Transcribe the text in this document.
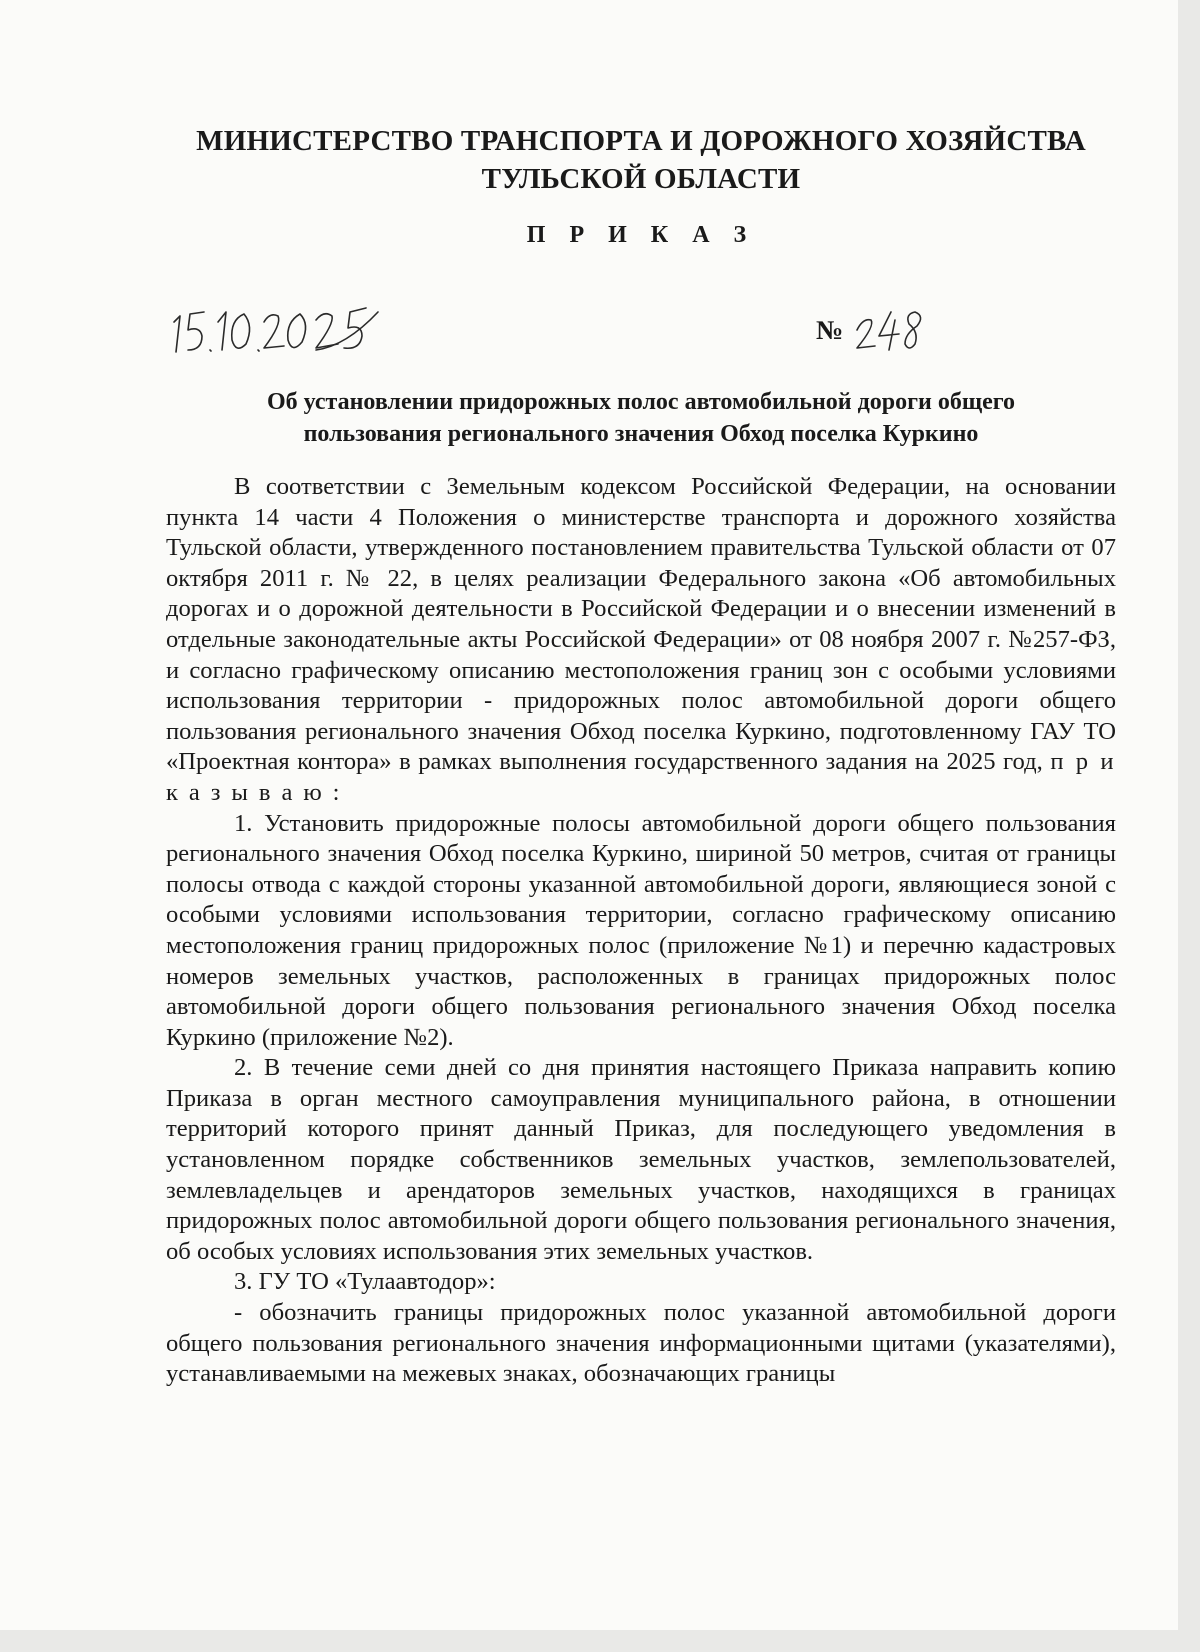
МИНИСТЕРСТВО ТРАНСПОРТА И ДОРОЖНОГО ХОЗЯЙСТВА
ТУЛЬСКОЙ ОБЛАСТИ
П Р И К А З
№
Об установлении придорожных полос автомобильной дороги общего
пользования регионального значения Обход поселка Куркино

В соответствии с Земельным кодексом Российской Федерации, на основании пункта 14 части 4 Положения о министерстве транспорта и дорожного хозяйства Тульской области, утвержденного постановлением правительства Тульской области от 07 октября 2011 г. № 22, в целях реализации Федерального закона «Об автомобильных дорогах и о дорожной деятельности в Российской Федерации и о внесении изменений в отдельные законодательные акты Российской Федерации» от 08 ноября 2007 г. №257-ФЗ, и согласно графическому описанию местоположения границ зон с особыми условиями использования территории - придорожных полос автомобильной дороги общего пользования регионального значения Обход поселка Куркино, подготовленному ГАУ ТО «Проектная контора» в рамках выполнения государственного задания на 2025 год, п р и к а з ы в а ю :

1. Установить придорожные полосы автомобильной дороги общего пользования регионального значения Обход поселка Куркино, шириной 50 метров, считая от границы полосы отвода с каждой стороны указанной автомобильной дороги, являющиеся зоной с особыми условиями использования территории, согласно графическому описанию местоположения границ придорожных полос (приложение №1) и перечню кадастровых номеров земельных участков, расположенных в границах придорожных полос автомобильной дороги общего пользования регионального значения Обход поселка Куркино (приложение №2).

2. В течение семи дней со дня принятия настоящего Приказа направить копию Приказа в орган местного самоуправления муниципального района, в отношении территорий которого принят данный Приказ, для последующего уведомления в установленном порядке собственников земельных участков, землепользователей, землевладельцев и арендаторов земельных участков, находящихся в границах придорожных полос автомобильной дороги общего пользования регионального значения, об особых условиях использования этих земельных участков.

3. ГУ ТО «Тулаавтодор»:

- обозначить границы придорожных полос указанной автомобильной дороги общего пользования регионального значения информационными щитами (указателями), устанавливаемыми на межевых знаках, обозначающих границы
